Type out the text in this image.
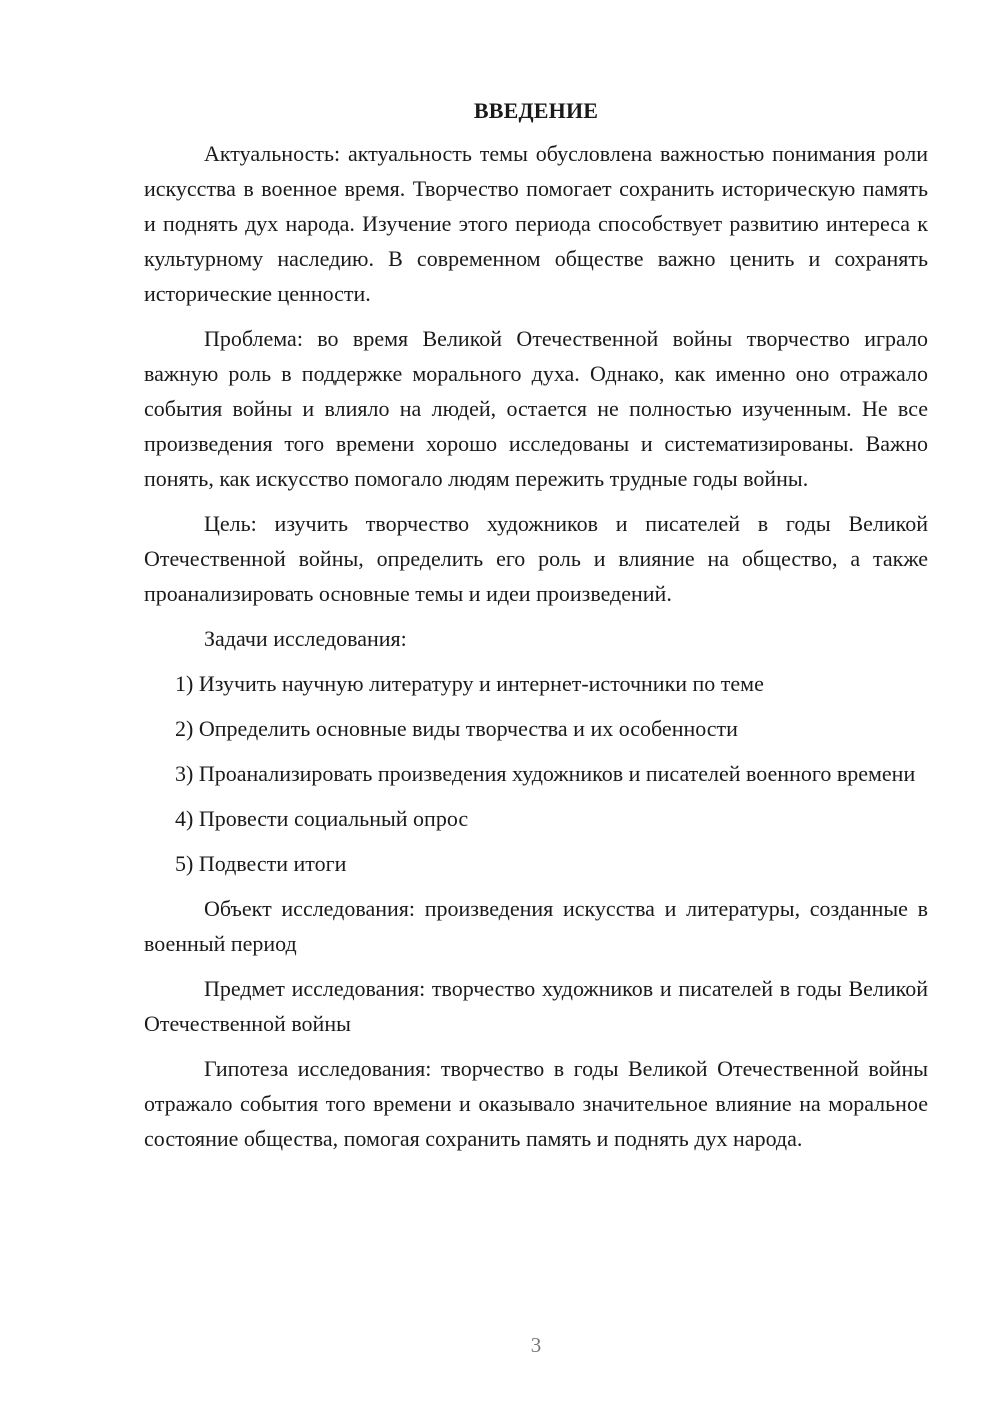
ВВЕДЕНИЕ

Актуальность: актуальность темы обусловлена важностью понимания роли искусства в военное время. Творчество помогает сохранить историческую память и поднять дух народа. Изучение этого периода способствует развитию интереса к культурному наследию. В современном обществе важно ценить и сохранять исторические ценности.

Проблема: во время Великой Отечественной войны творчество играло важную роль в поддержке морального духа. Однако, как именно оно отражало события войны и влияло на людей, остается не полностью изученным. Не все произведения того времени хорошо исследованы и систематизированы. Важно понять, как искусство помогало людям пережить трудные годы войны.

Цель: изучить творчество художников и писателей в годы Великой Отечественной войны, определить его роль и влияние на общество, а также проанализировать основные темы и идеи произведений.

Задачи исследования:

1) Изучить научную литературу и интернет-источники по теме

2) Определить основные виды творчества и их особенности

3) Проанализировать произведения художников и писателей военного времени

4) Провести социальный опрос

5) Подвести итоги

Объект исследования: произведения искусства и литературы, созданные в военный период

Предмет исследования: творчество художников и писателей в годы Великой Отечественной войны

Гипотеза исследования: творчество в годы Великой Отечественной войны отражало события того времени и оказывало значительное влияние на моральное состояние общества, помогая сохранить память и поднять дух народа.

3
